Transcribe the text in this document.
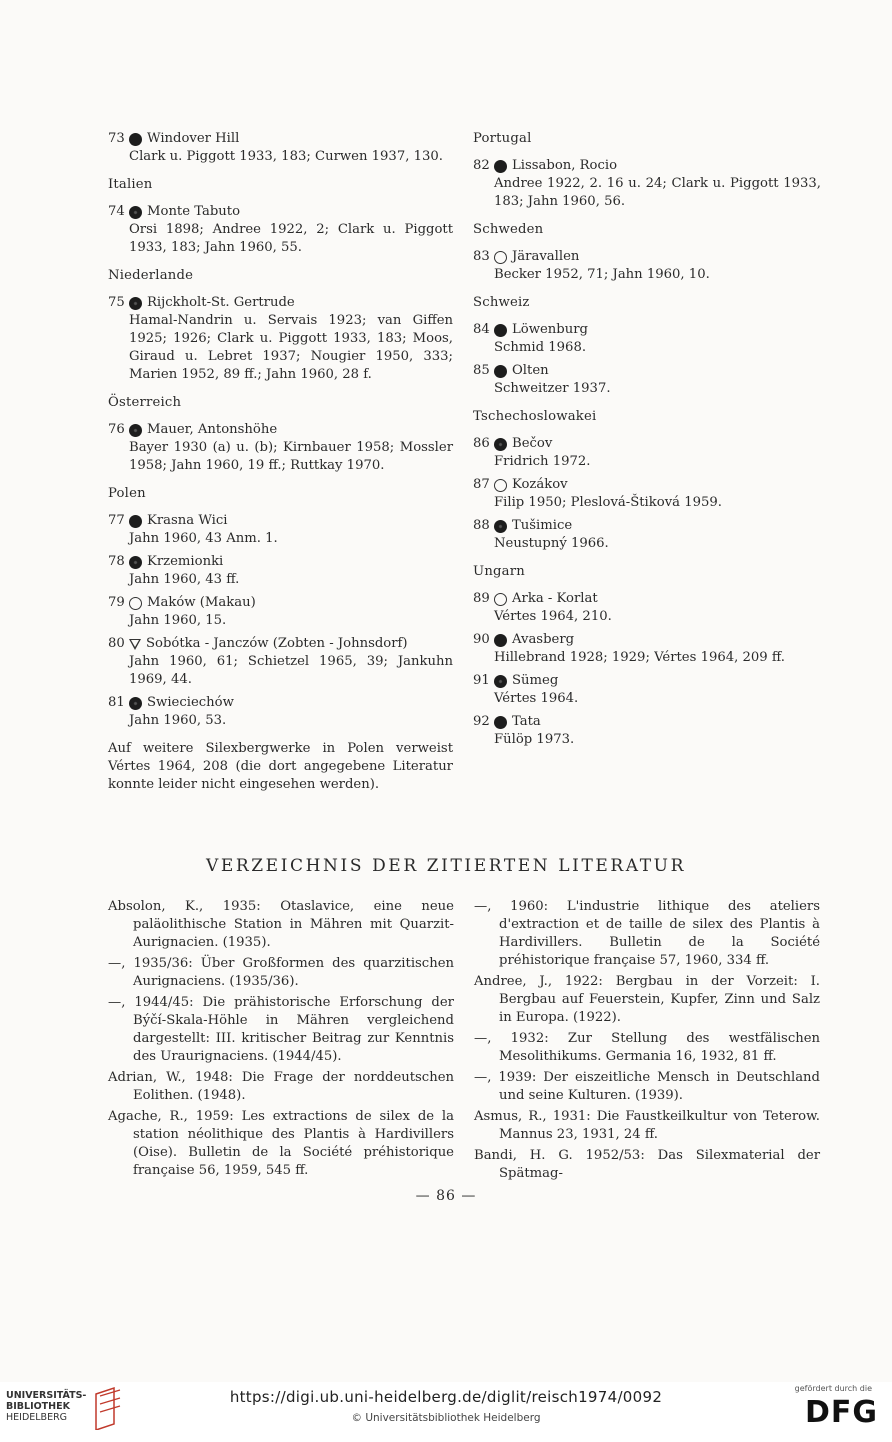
73 Windover Hill
Clark u. Piggott 1933, 183; Curwen 1937, 130.
Italien
74 Monte Tabuto
Orsi 1898; Andree 1922, 2; Clark u. Piggott 1933, 183; Jahn 1960, 55.
Niederlande
75 Rijckholt-St. Gertrude
Hamal-Nandrin u. Servais 1923; van Giffen 1925; 1926; Clark u. Piggott 1933, 183; Moos, Giraud u. Lebret 1937; Nougier 1950, 333; Marien 1952, 89 ff.; Jahn 1960, 28 f.
Österreich
76 Mauer, Antonshöhe
Bayer 1930 (a) u. (b); Kirnbauer 1958; Mossler 1958; Jahn 1960, 19 ff.; Ruttkay 1970.
Polen
77 Krasna Wici
Jahn 1960, 43 Anm. 1.
78 Krzemionki
Jahn 1960, 43 ff.
79 Maków (Makau)
Jahn 1960, 15.
80 Sobótka - Janczów (Zobten - Johnsdorf)
Jahn 1960, 61; Schietzel 1965, 39; Jankuhn 1969, 44.
81 Swieciechów
Jahn 1960, 53.
Auf weitere Silexbergwerke in Polen verweist Vértes 1964, 208 (die dort angegebene Literatur konnte leider nicht eingesehen werden).
Portugal
82 Lissabon, Rocio
Andree 1922, 2. 16 u. 24; Clark u. Piggott 1933, 183; Jahn 1960, 56.
Schweden
83 Järavallen
Becker 1952, 71; Jahn 1960, 10.
Schweiz
84 Löwenburg
Schmid 1968.
85 Olten
Schweitzer 1937.
Tschechoslowakei
86 Bečov
Fridrich 1972.
87 Kozákov
Filip 1950; Pleslová-Štiková 1959.
88 Tušimice
Neustupný 1966.
Ungarn
89 Arka - Korlat
Vértes 1964, 210.
90 Avasberg
Hillebrand 1928; 1929; Vértes 1964, 209 ff.
91 Sümeg
Vértes 1964.
92 Tata
Fülöp 1973.
VERZEICHNIS DER ZITIERTEN LITERATUR
Absolon, K., 1935: Otaslavice, eine neue paläolithische Station in Mähren mit Quarzit-Aurignacien. (1935).
—, 1935/36: Über Großformen des quarzitischen Aurignaciens. (1935/36).
—, 1944/45: Die prähistorische Erforschung der Býčí-Skala-Höhle in Mähren vergleichend dargestellt: III. kritischer Beitrag zur Kenntnis des Uraurignaciens. (1944/45).
Adrian, W., 1948: Die Frage der norddeutschen Eolithen. (1948).
Agache, R., 1959: Les extractions de silex de la station néolithique des Plantis à Hardivillers (Oise). Bulletin de la Société préhistorique française 56, 1959, 545 ff.
—, 1960: L'industrie lithique des ateliers d'extraction et de taille de silex des Plantis à Hardivillers. Bulletin de la Société préhistorique française 57, 1960, 334 ff.
Andree, J., 1922: Bergbau in der Vorzeit: I. Bergbau auf Feuerstein, Kupfer, Zinn und Salz in Europa. (1922).
—, 1932: Zur Stellung des westfälischen Mesolithikums. Germania 16, 1932, 81 ff.
—, 1939: Der eiszeitliche Mensch in Deutschland und seine Kulturen. (1939).
Asmus, R., 1931: Die Faustkeilkultur von Teterow. Mannus 23, 1931, 24 ff.
Bandi, H. G. 1952/53: Das Silexmaterial der Spätmag-
— 86 —
UNIVERSITÄTS-
BIBLIOTHEK
HEIDELBERG
https://digi.ub.uni-heidelberg.de/diglit/reisch1974/0092
© Universitätsbibliothek Heidelberg
gefördert durch die
DFG
